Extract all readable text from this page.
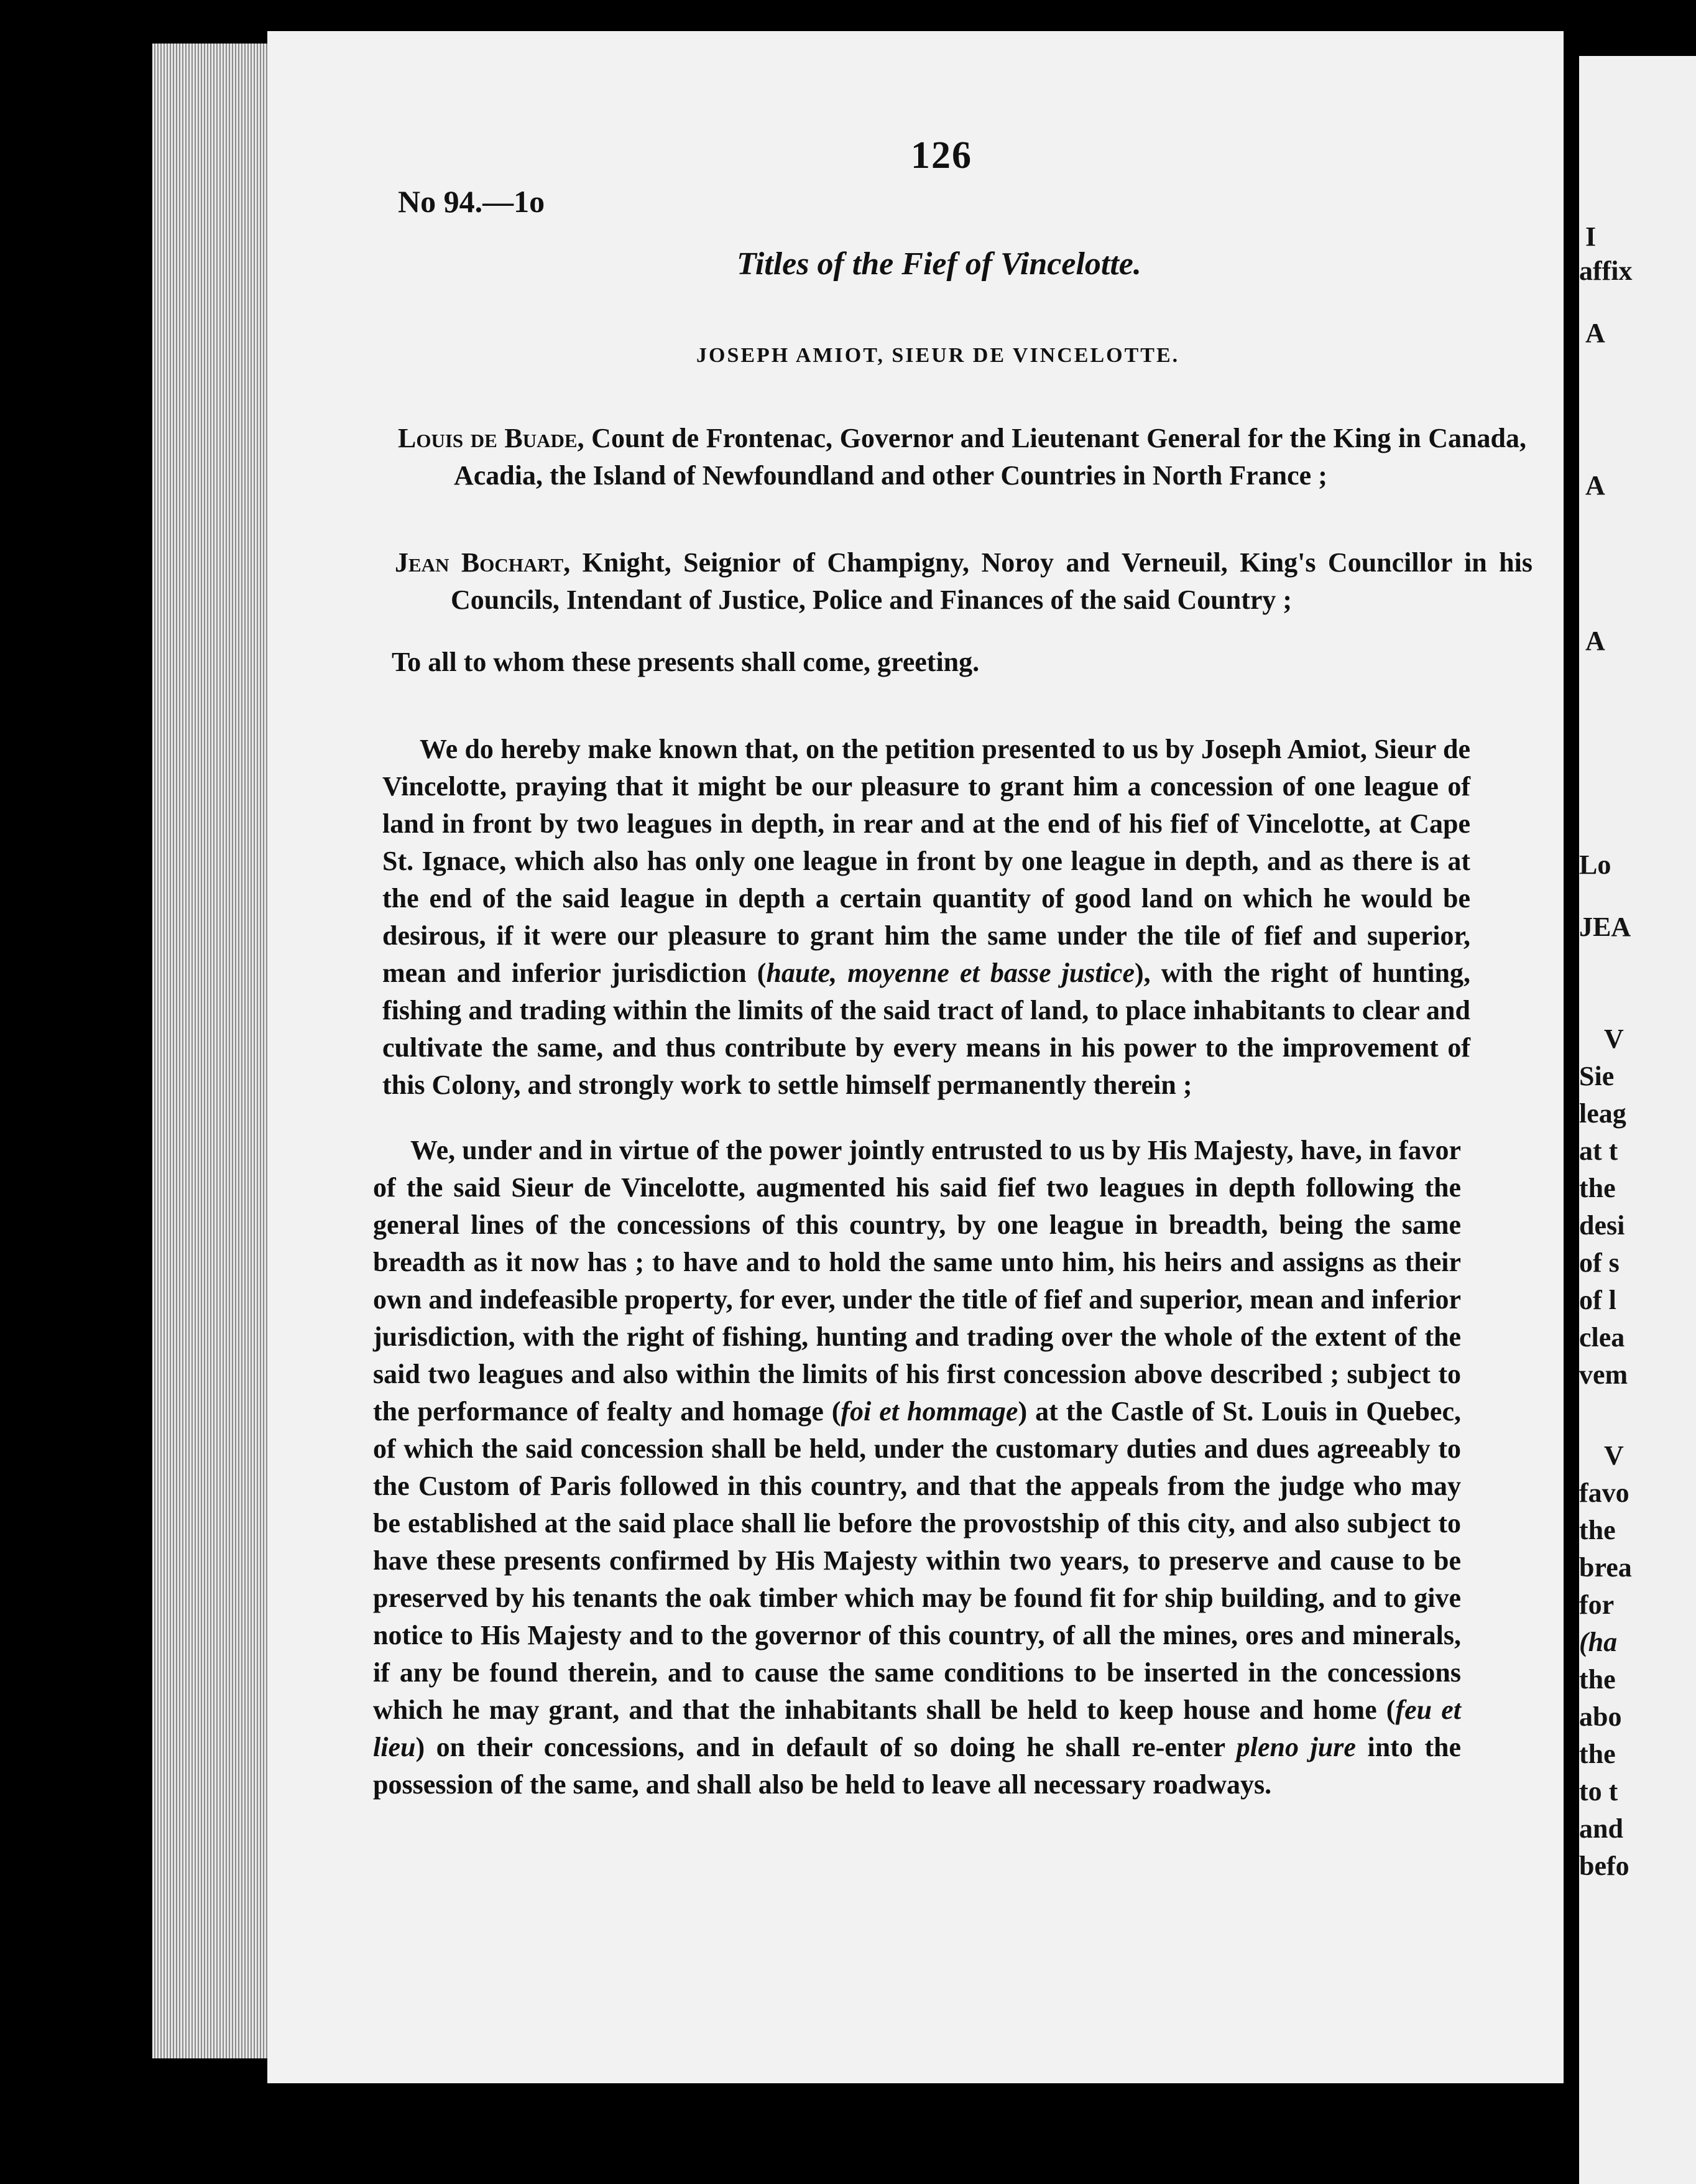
126

No 94.—1o

Titles of the Fief of Vincelotte.

JOSEPH AMIOT, SIEUR DE VINCELOTTE.

Louis de Buade, Count de Frontenac, Governor and Lieutenant General for the King in Canada, Acadia, the Island of Newfoundland and other Countries in North France ;

Jean Bochart, Knight, Seignior of Champigny, Noroy and Verneuil, King's Councillor in his Councils, Intendant of Justice, Police and Finances of the said Country ;

To all to whom these presents shall come, greeting.

We do hereby make known that, on the petition presented to us by Joseph Amiot, Sieur de Vincelotte, praying that it might be our pleasure to grant him a concession of one league of land in front by two leagues in depth, in rear and at the end of his fief of Vincelotte, at Cape St. Ignace, which also has only one league in front by one league in depth, and as there is at the end of the said league in depth a certain quantity of good land on which he would be desirous, if it were our pleasure to grant him the same under the tile of fief and superior, mean and inferior jurisdiction (haute, moyenne et basse justice), with the right of hunting, fishing and trading within the limits of the said tract of land, to place inhabitants to clear and cultivate the same, and thus contribute by every means in his power to the improvement of this Colony, and strongly work to settle himself permanently therein ;

We, under and in virtue of the power jointly entrusted to us by His Majesty, have, in favor of the said Sieur de Vincelotte, augmented his said fief two leagues in depth following the general lines of the concessions of this country, by one league in breadth, being the same breadth as it now has ; to have and to hold the same unto him, his heirs and assigns as their own and indefeasible property, for ever, under the title of fief and superior, mean and inferior jurisdiction, with the right of fishing, hunting and trading over the whole of the extent of the said two leagues and also within the limits of his first concession above described ; subject to the performance of fealty and homage (foi et hommage) at the Castle of St. Louis in Quebec, of which the said concession shall be held, under the customary duties and dues agreeably to the Custom of Paris followed in this country, and that the appeals from the judge who may be established at the said place shall lie before the provostship of this city, and also subject to have these presents confirmed by His Majesty within two years, to preserve and cause to be preserved by his tenants the oak timber which may be found fit for ship building, and to give notice to His Majesty and to the governor of this country, of all the mines, ores and minerals, if any be found therein, and to cause the same conditions to be inserted in the concessions which he may grant, and that the inhabitants shall be held to keep house and home (feu et lieu) on their concessions, and in default of so doing he shall re-enter pleno jure into the possession of the same, and shall also be held to leave all necessary roadways.

I
affix
A
A
A
Lo
JEA
V
Sie
leag
at t
the
desi
of s
of l
clea
vem
V
favo
the
brea
for
(ha
the
abo
the
to t
and
befo
